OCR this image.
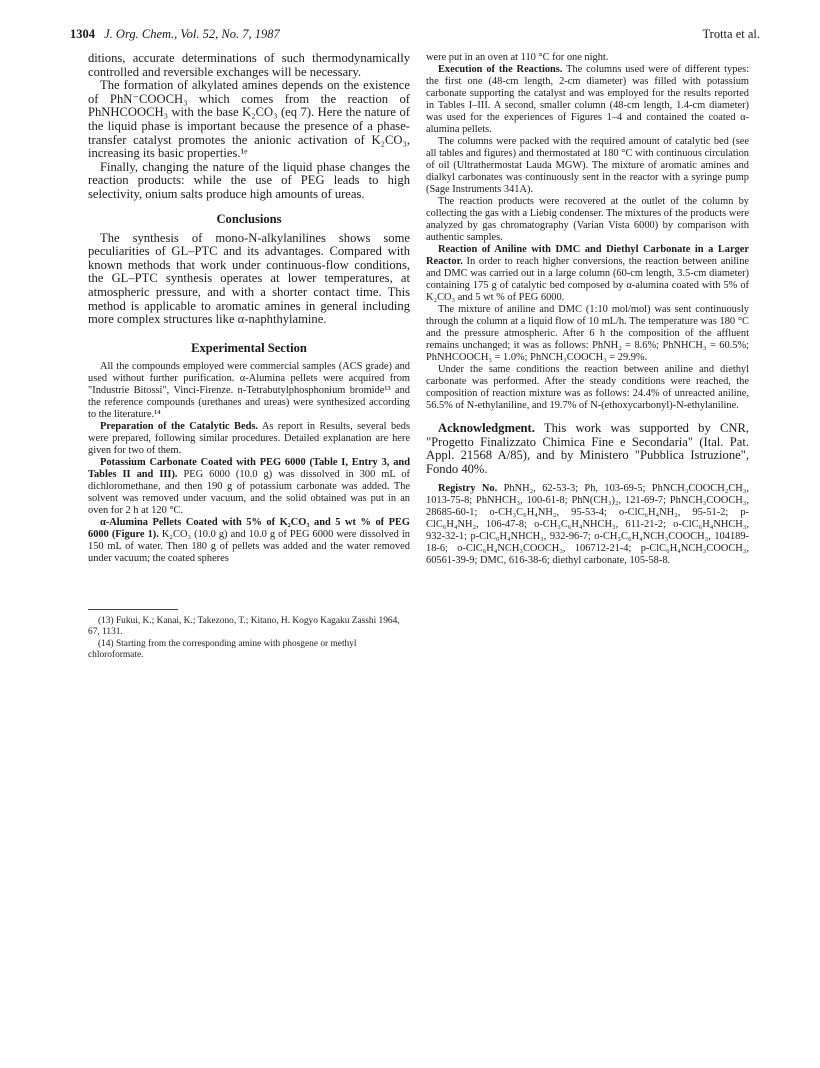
1304 J. Org. Chem., Vol. 52, No. 7, 1987	Trotta et al.

ditions, accurate determinations of such thermodynamically controlled and reversible exchanges will be necessary.

The formation of alkylated amines depends on the existence of PhN⁻COOCH₃ which comes from the reaction of PhNHCOOCH₃ with the base K₂CO₃ (eq 7). Here the nature of the liquid phase is important because the presence of a phase-transfer catalyst promotes the anionic activation of K₂CO₃, increasing its basic properties.¹ᵉ

Finally, changing the nature of the liquid phase changes the reaction products: while the use of PEG leads to high selectivity, onium salts produce high amounts of ureas.

Conclusions

The synthesis of mono-N-alkylanilines shows some peculiarities of GL–PTC and its advantages. Compared with known methods that work under continuous-flow conditions, the GL–PTC synthesis operates at lower temperatures, at atmospheric pressure, and with a shorter contact time. This method is applicable to aromatic amines in general including more complex structures like α-naphthylamine.

Experimental Section

All the compounds employed were commercial samples (ACS grade) and used without further purification. α-Alumina pellets were acquired from "Industrie Bitossi", Vinci-Firenze. n-Tetrabutylphosphonium bromide¹³ and the reference compounds (urethanes and ureas) were synthesized according to the literature.¹⁴

Preparation of the Catalytic Beds. As report in Results, several beds were prepared, following similar procedures. Detailed explanation are here given for two of them.

Potassium Carbonate Coated with PEG 6000 (Table I, Entry 3, and Tables II and III). PEG 6000 (10.0 g) was dissolved in 300 mL of dichloromethane, and then 190 g of potassium carbonate was added. The solvent was removed under vacuum, and the solid obtained was put in an oven for 2 h at 120 °C.

α-Alumina Pellets Coated with 5% of K₂CO₃ and 5 wt % of PEG 6000 (Figure 1). K₂CO₃ (10.0 g) and 10.0 g of PEG 6000 were dissolved in 150 mL of water. Then 180 g of pellets was added and the water removed under vacuum; the coated spheres

(13) Fukui, K.; Kanai, K.; Takezono, T.; Kitano, H. Kogyo Kagaku Zasshi 1964, 67, 1131.

(14) Starting from the corresponding amine with phosgene or methyl chloroformate.

were put in an oven at 110 °C for one night.

Execution of the Reactions. The columns used were of different types: the first one (48-cm length, 2-cm diameter) was filled with potassium carbonate supporting the catalyst and was employed for the results reported in Tables I–III. A second, smaller column (48-cm length, 1.4-cm diameter) was used for the experiences of Figures 1–4 and contained the coated α-alumina pellets.

The columns were packed with the required amount of catalytic bed (see all tables and figures) and thermostated at 180 °C with continuous circulation of oil (Ultrathermostat Lauda MGW). The mixture of aromatic amines and dialkyl carbonates was continuously sent in the reactor with a syringe pump (Sage Instruments 341A).

The reaction products were recovered at the outlet of the column by collecting the gas with a Liebig condenser. The mixtures of the products were analyzed by gas chromatography (Varian Vista 6000) by comparison with authentic samples.

Reaction of Aniline with DMC and Diethyl Carbonate in a Larger Reactor. In order to reach higher conversions, the reaction between aniline and DMC was carried out in a large column (60-cm length, 3.5-cm diameter) containing 175 g of catalytic bed composed by α-alumina coated with 5% of K₂CO₃ and 5 wt % of PEG 6000.

The mixture of aniline and DMC (1:10 mol/mol) was sent continuously through the column at a liquid flow of 10 mL/h. The temperature was 180 °C and the pressure atmospheric. After 6 h the composition of the affluent remains unchanged; it was as follows: PhNH₂ = 8.6%; PhNHCH₃ = 60.5%; PhNHCOOCH₃ = 1.0%; PhNCH₃COOCH₃ = 29.9%.

Under the same conditions the reaction between aniline and diethyl carbonate was performed. After the steady conditions were reached, the composition of reaction mixture was as follows: 24.4% of unreacted aniline, 56.5% of N-ethylaniline, and 19.7% of N-(ethoxycarbonyl)-N-ethylaniline.

Acknowledgment. This work was supported by CNR, "Progetto Finalizzato Chimica Fine e Secondaria" (Ital. Pat. Appl. 21568 A/85), and by Ministero "Pubblica Istruzione", Fondo 40%.

Registry No. PhNH₂, 62-53-3; Ph, 103-69-5; PhNCH₃COOCH₂CH₃, 1013-75-8; PhNHCH₃, 100-61-8; PhN(CH₃)₂, 121-69-7; PhNCH₃COOCH₃, 28685-60-1; o-CH₃C₆H₄NH₂, 95-53-4; o-ClC₆H₄NH₂, 95-51-2; p-ClC₆H₄NH₂, 106-47-8; o-CH₃C₆H₄NHCH₃, 611-21-2; o-ClC₆H₄NHCH₃, 932-32-1; p-ClC₆H₄NHCH₃, 932-96-7; o-CH₃C₆H₄NCH₃COOCH₃, 104189-18-6; o-ClC₆H₄NCH₃COOCH₃, 106712-21-4; p-ClC₆H₄NCH₃COOCH₃, 60561-39-9; DMC, 616-38-6; diethyl carbonate, 105-58-8.
